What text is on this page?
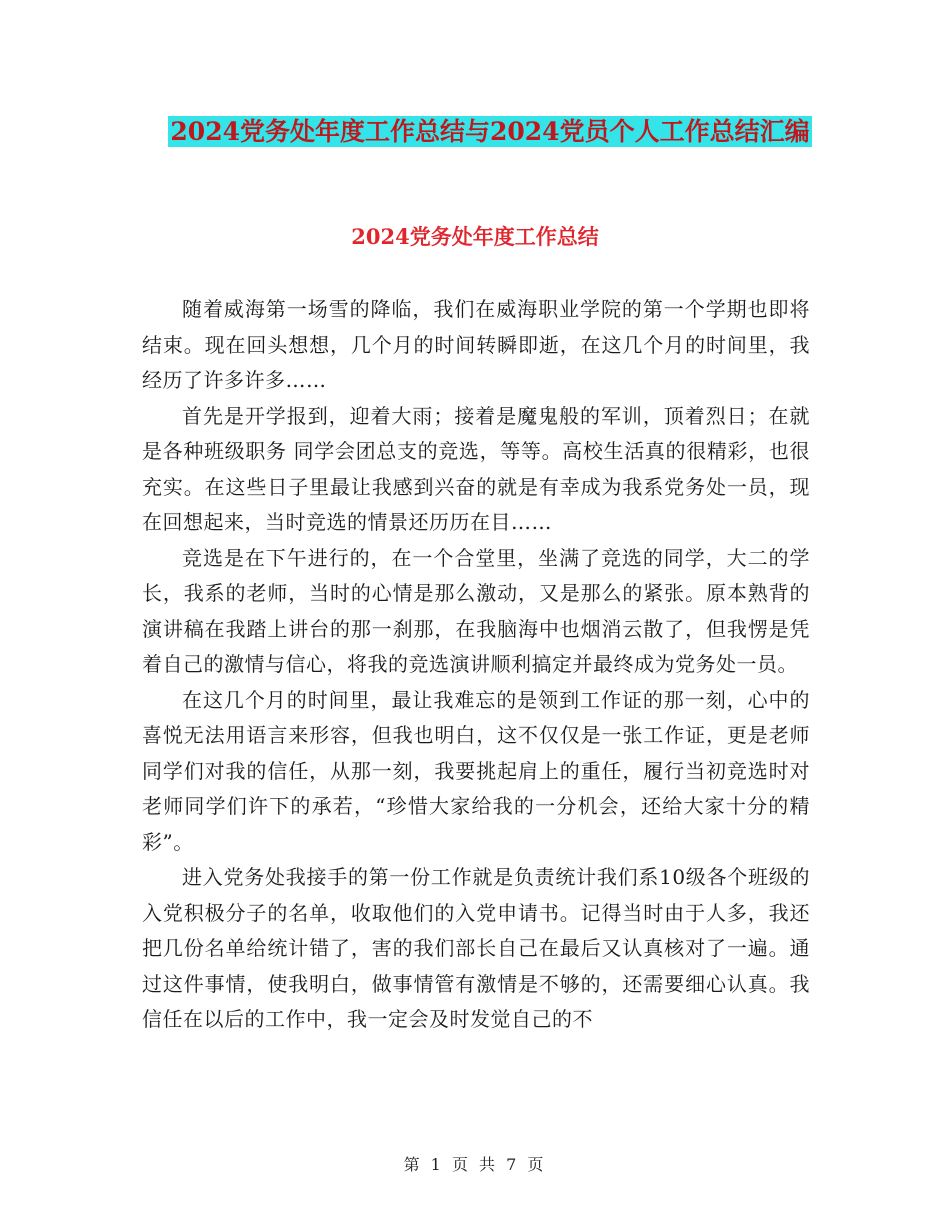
2024党务处年度工作总结与2024党员个人工作总结汇编
2024党务处年度工作总结

随着威海第一场雪的降临，我们在威海职业学院的第一个学期也即将结束。现在回头想想，几个月的时间转瞬即逝，在这几个月的时间里，我经历了许多许多……

首先是开学报到，迎着大雨；接着是魔鬼般的军训，顶着烈日；在就是各种班级职务 同学会团总支的竞选，等等。高校生活真的很精彩，也很充实。在这些日子里最让我感到兴奋的就是有幸成为我系党务处一员，现在回想起来，当时竞选的情景还历历在目……

竞选是在下午进行的，在一个合堂里，坐满了竞选的同学，大二的学长，我系的老师，当时的心情是那么激动，又是那么的紧张。原本熟背的演讲稿在我踏上讲台的那一刹那，在我脑海中也烟消云散了，但我愣是凭着自己的激情与信心，将我的竞选演讲顺利搞定并最终成为党务处一员。

在这几个月的时间里，最让我难忘的是领到工作证的那一刻，心中的喜悦无法用语言来形容，但我也明白，这不仅仅是一张工作证，更是老师同学们对我的信任，从那一刻，我要挑起肩上的重任，履行当初竞选时对老师同学们许下的承若，“珍惜大家给我的一分机会，还给大家十分的精彩”。

进入党务处我接手的第一份工作就是负责统计我们系10级各个班级的入党积极分子的名单，收取他们的入党申请书。记得当时由于人多，我还把几份名单给统计错了，害的我们部长自己在最后又认真核对了一遍。通过这件事情，使我明白，做事情管有激情是不够的，还需要细心认真。我信任在以后的工作中，我一定会及时发觉自己的不

第 1 页 共 7 页
